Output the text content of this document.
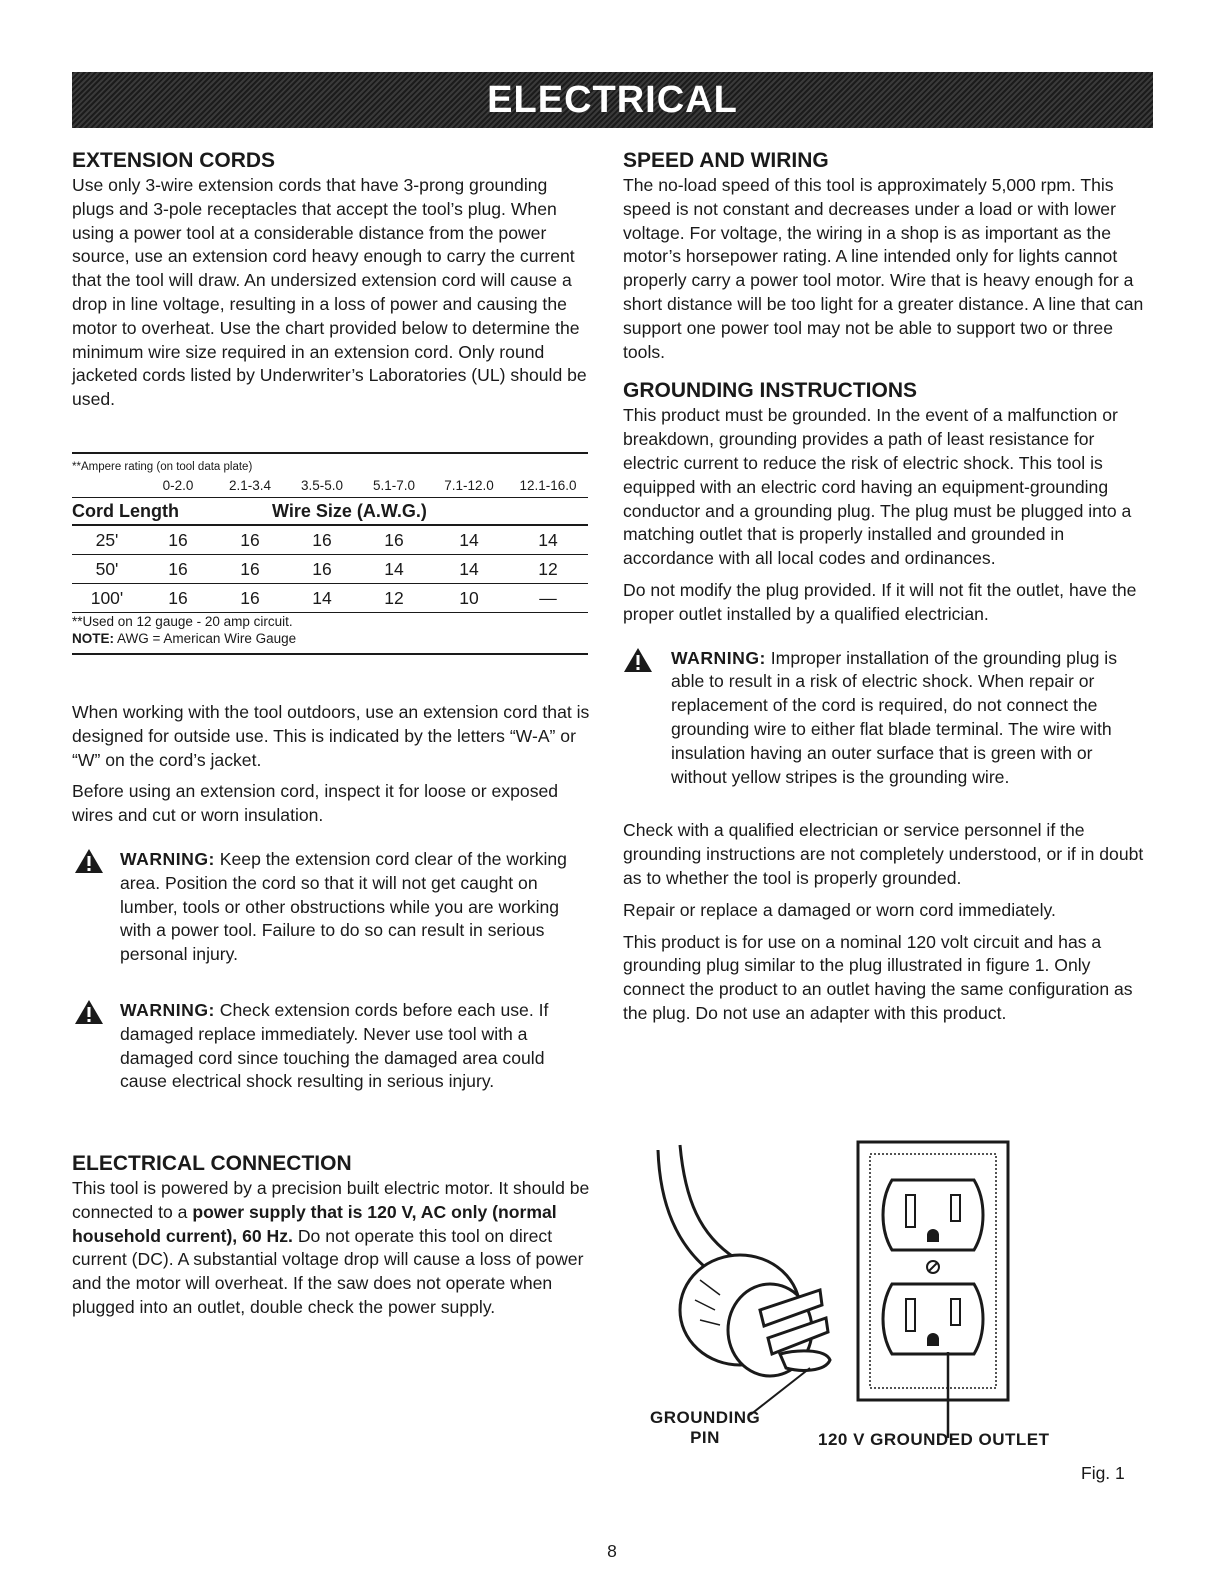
ELECTRICAL
EXTENSION CORDS

Use only 3-wire extension cords that have 3-prong grounding plugs and 3-pole receptacles that accept the tool’s plug. When using a power tool at a considerable distance from the power source, use an extension cord heavy enough to carry the current that the tool will draw. An undersized extension cord will cause a drop in line voltage, resulting in a loss of power and causing the motor to overheat. Use the chart provided below to determine the minimum wire size required in an extension cord. Only round jacketed cords listed by Underwriter’s Laboratories (UL) should be used.

**Ampere rating (on tool data plate)
0-2.0	2.1-3.4	3.5-5.0	5.1-7.0	7.1-12.0	12.1-16.0
Cord Length	Wire Size (A.W.G.)
25'	16	16	16	16	14	14
50'	16	16	16	14	14	12
100'	16	16	14	12	10	—
**Used on 12 gauge - 20 amp circuit.
NOTE: AWG = American Wire Gauge

When working with the tool outdoors, use an extension cord that is designed for outside use. This is indicated by the letters “W-A” or “W” on the cord’s jacket.

Before using an extension cord, inspect it for loose or exposed wires and cut or worn insulation.

WARNING: Keep the extension cord clear of the working area. Position the cord so that it will not get caught on lumber, tools or other obstructions while you are working with a power tool. Failure to do so can result in serious personal injury.

WARNING: Check extension cords before each use. If damaged replace immediately. Never use tool with a damaged cord since touching the damaged area could cause electrical shock resulting in serious injury.

ELECTRICAL CONNECTION

This tool is powered by a precision built electric motor. It should be connected to a power supply that is 120 V, AC only (normal household current), 60 Hz. Do not operate this tool on direct current (DC). A substantial voltage drop will cause a loss of power and the motor will overheat. If the saw does not operate when plugged into an outlet, double check the power supply.

SPEED AND WIRING

The no-load speed of this tool is approximately 5,000 rpm. This speed is not constant and decreases under a load or with lower voltage. For voltage, the wiring in a shop is as important as the motor’s horsepower rating. A line intended only for lights cannot properly carry a power tool motor. Wire that is heavy enough for a short distance will be too light for a greater distance. A line that can support one power tool may not be able to support two or three tools.

GROUNDING INSTRUCTIONS

This product must be grounded. In the event of a malfunction or breakdown, grounding provides a path of least resistance for electric current to reduce the risk of electric shock. This tool is equipped with an electric cord having an equipment-grounding conductor and a grounding plug. The plug must be plugged into a matching outlet that is properly installed and grounded in accordance with all local codes and ordinances.

Do not modify the plug provided. If it will not fit the outlet, have the proper outlet installed by a qualified electrician.

WARNING: Improper installation of the grounding plug is able to result in a risk of electric shock. When repair or replacement of the cord is required, do not connect the grounding wire to either flat blade terminal. The wire with insulation having an outer surface that is green with or without yellow stripes is the grounding wire.

Check with a qualified electrician or service personnel if the grounding instructions are not completely understood, or if in doubt as to whether the tool is properly grounded.

Repair or replace a damaged or worn cord immediately.

This product is for use on a nominal 120 volt circuit and has a grounding plug similar to the plug illustrated in figure 1. Only connect the product to an outlet having the same configuration as the plug. Do not use an adapter with this product.

GROUNDING
PIN	120 V GROUNDED OUTLET
Fig. 1
8
